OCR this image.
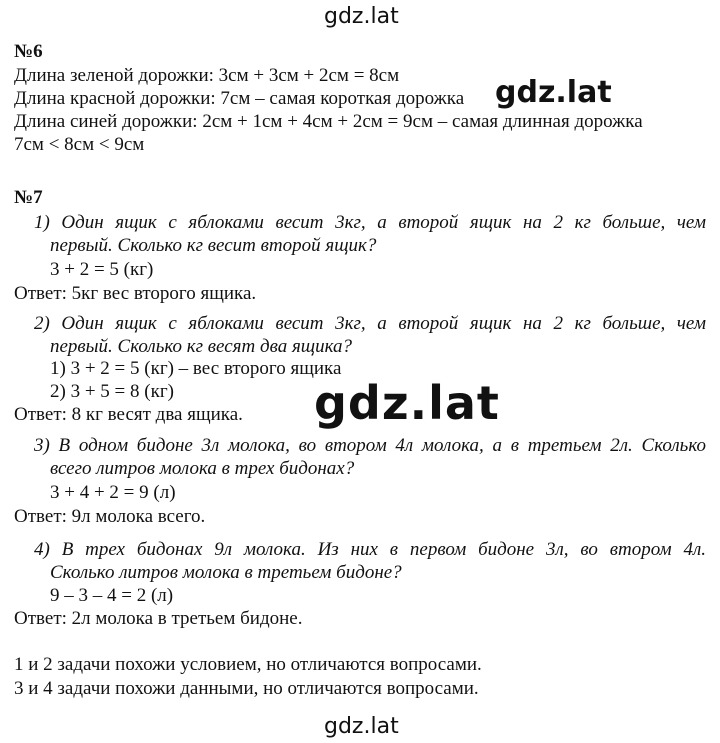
gdz.lat
№6
Длина зеленой дорожки: 3см + 3см + 2см = 8см
Длина красной дорожки: 7см – самая короткая дорожка
Длина синей дорожки: 2см + 1см + 4см + 2см = 9см – самая длинная дорожка
7см < 8см < 9см
gdz.lat
№7
1) Один ящик с яблоками весит 3кг, а второй ящик на 2 кг больше, чем
первый. Сколько кг весит второй ящик?
3 + 2 = 5 (кг)
Ответ: 5кг вес второго ящика.
2) Один ящик с яблоками весит 3кг, а второй ящик на 2 кг больше, чем
первый. Сколько кг весят два ящика?
1) 3 + 2 = 5 (кг) – вес второго ящика
2) 3 + 5 = 8 (кг)
Ответ: 8 кг весят два ящика. gdz.lat
3) В одном бидоне 3л молока, во втором 4л молока, а в третьем 2л. Сколько
всего литров молока в трех бидонах?
3 + 4 + 2 = 9 (л)
Ответ: 9л молока всего.
4) В трех бидонах 9л молока. Из них в первом бидоне 3л, во втором 4л.
Сколько литров молока в третьем бидоне?
9 – 3 – 4 = 2 (л)
Ответ: 2л молока в третьем бидоне.
1 и 2 задачи похожи условием, но отличаются вопросами.
3 и 4 задачи похожи данными, но отличаются вопросами.
gdz.lat
